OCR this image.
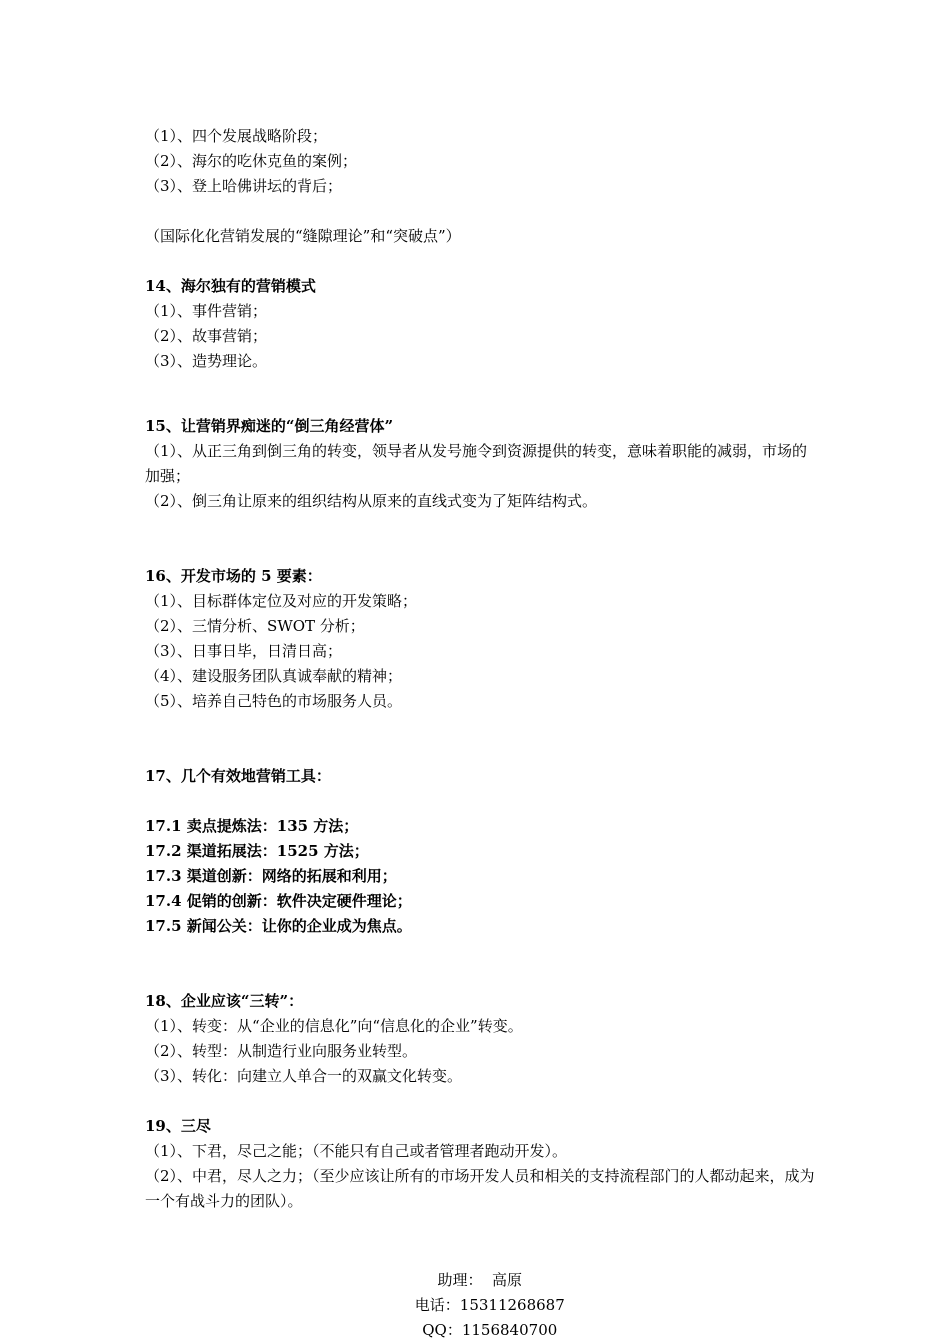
（1）、四个发展战略阶段；
（2）、海尔的吃休克鱼的案例；
（3）、登上哈佛讲坛的背后；
（国际化化营销发展的“缝隙理论”和“突破点”）
14、海尔独有的营销模式
（1）、事件营销；
（2）、故事营销；
（3）、造势理论。
15、让营销界痴迷的“倒三角经营体”
（1）、从正三角到倒三角的转变，领导者从发号施令到资源提供的转变，意味着职能的减弱，市场的加强；
（2）、倒三角让原来的组织结构从原来的直线式变为了矩阵结构式。
16、开发市场的 5 要素：
（1）、目标群体定位及对应的开发策略；
（2）、三情分析、SWOT 分析；
（3）、日事日毕，日清日高；
（4）、建设服务团队真诚奉献的精神；
（5）、培养自己特色的市场服务人员。
17、几个有效地营销工具：
17.1 卖点提炼法：135 方法；
17.2 渠道拓展法：1525 方法；
17.3 渠道创新：网络的拓展和利用；
17.4 促销的创新：软件决定硬件理论；
17.5 新闻公关：让你的企业成为焦点。
18、企业应该“三转”：
（1）、转变：从“企业的信息化”向“信息化的企业”转变。
（2）、转型：从制造行业向服务业转型。
（3）、转化：向建立人单合一的双赢文化转变。
19、三尽
（1）、下君，尽己之能；（不能只有自己或者管理者跑动开发）。
（2）、中君，尽人之力；（至少应该让所有的市场开发人员和相关的支持流程部门的人都动起来，成为一个有战斗力的团队）。

助理：  高原
电话：15311268687
QQ：1156840700
